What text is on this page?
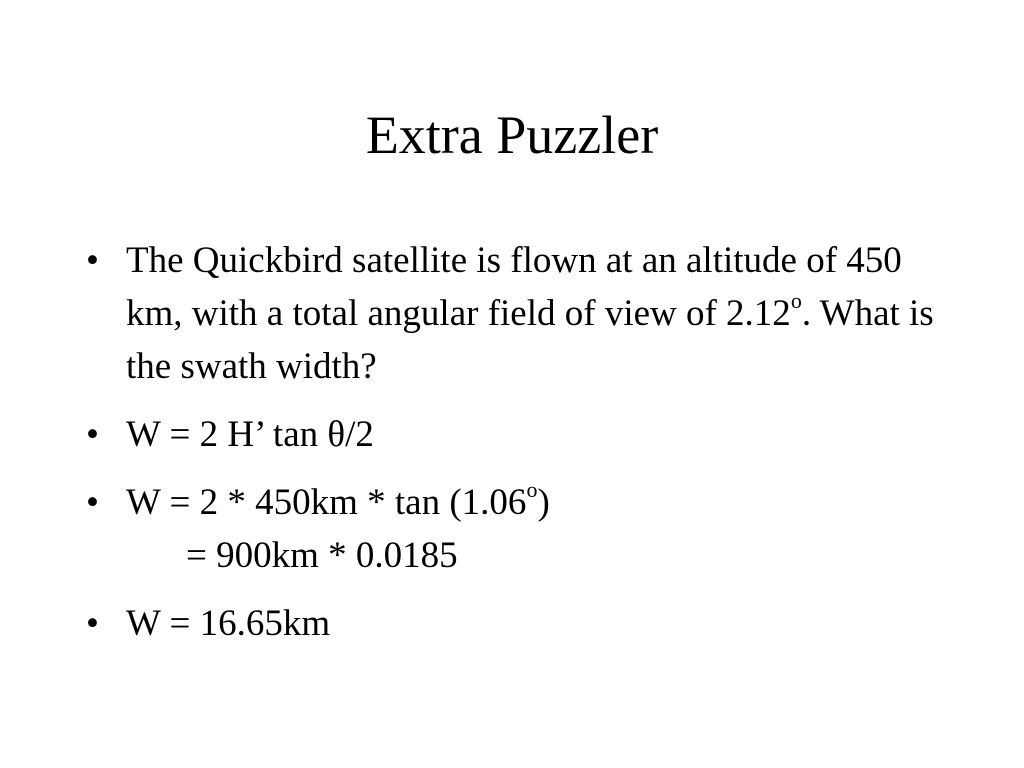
Extra Puzzler
• The Quickbird satellite is flown at an altitude of 450 km, with a total angular field of view of 2.12$^o$. What is the swath width?
• W = 2 H’ tan θ/2
• $W = 2 * 450km * \tan (1.06^o)$
= 900km * 0.0185
• W = 16.65km
